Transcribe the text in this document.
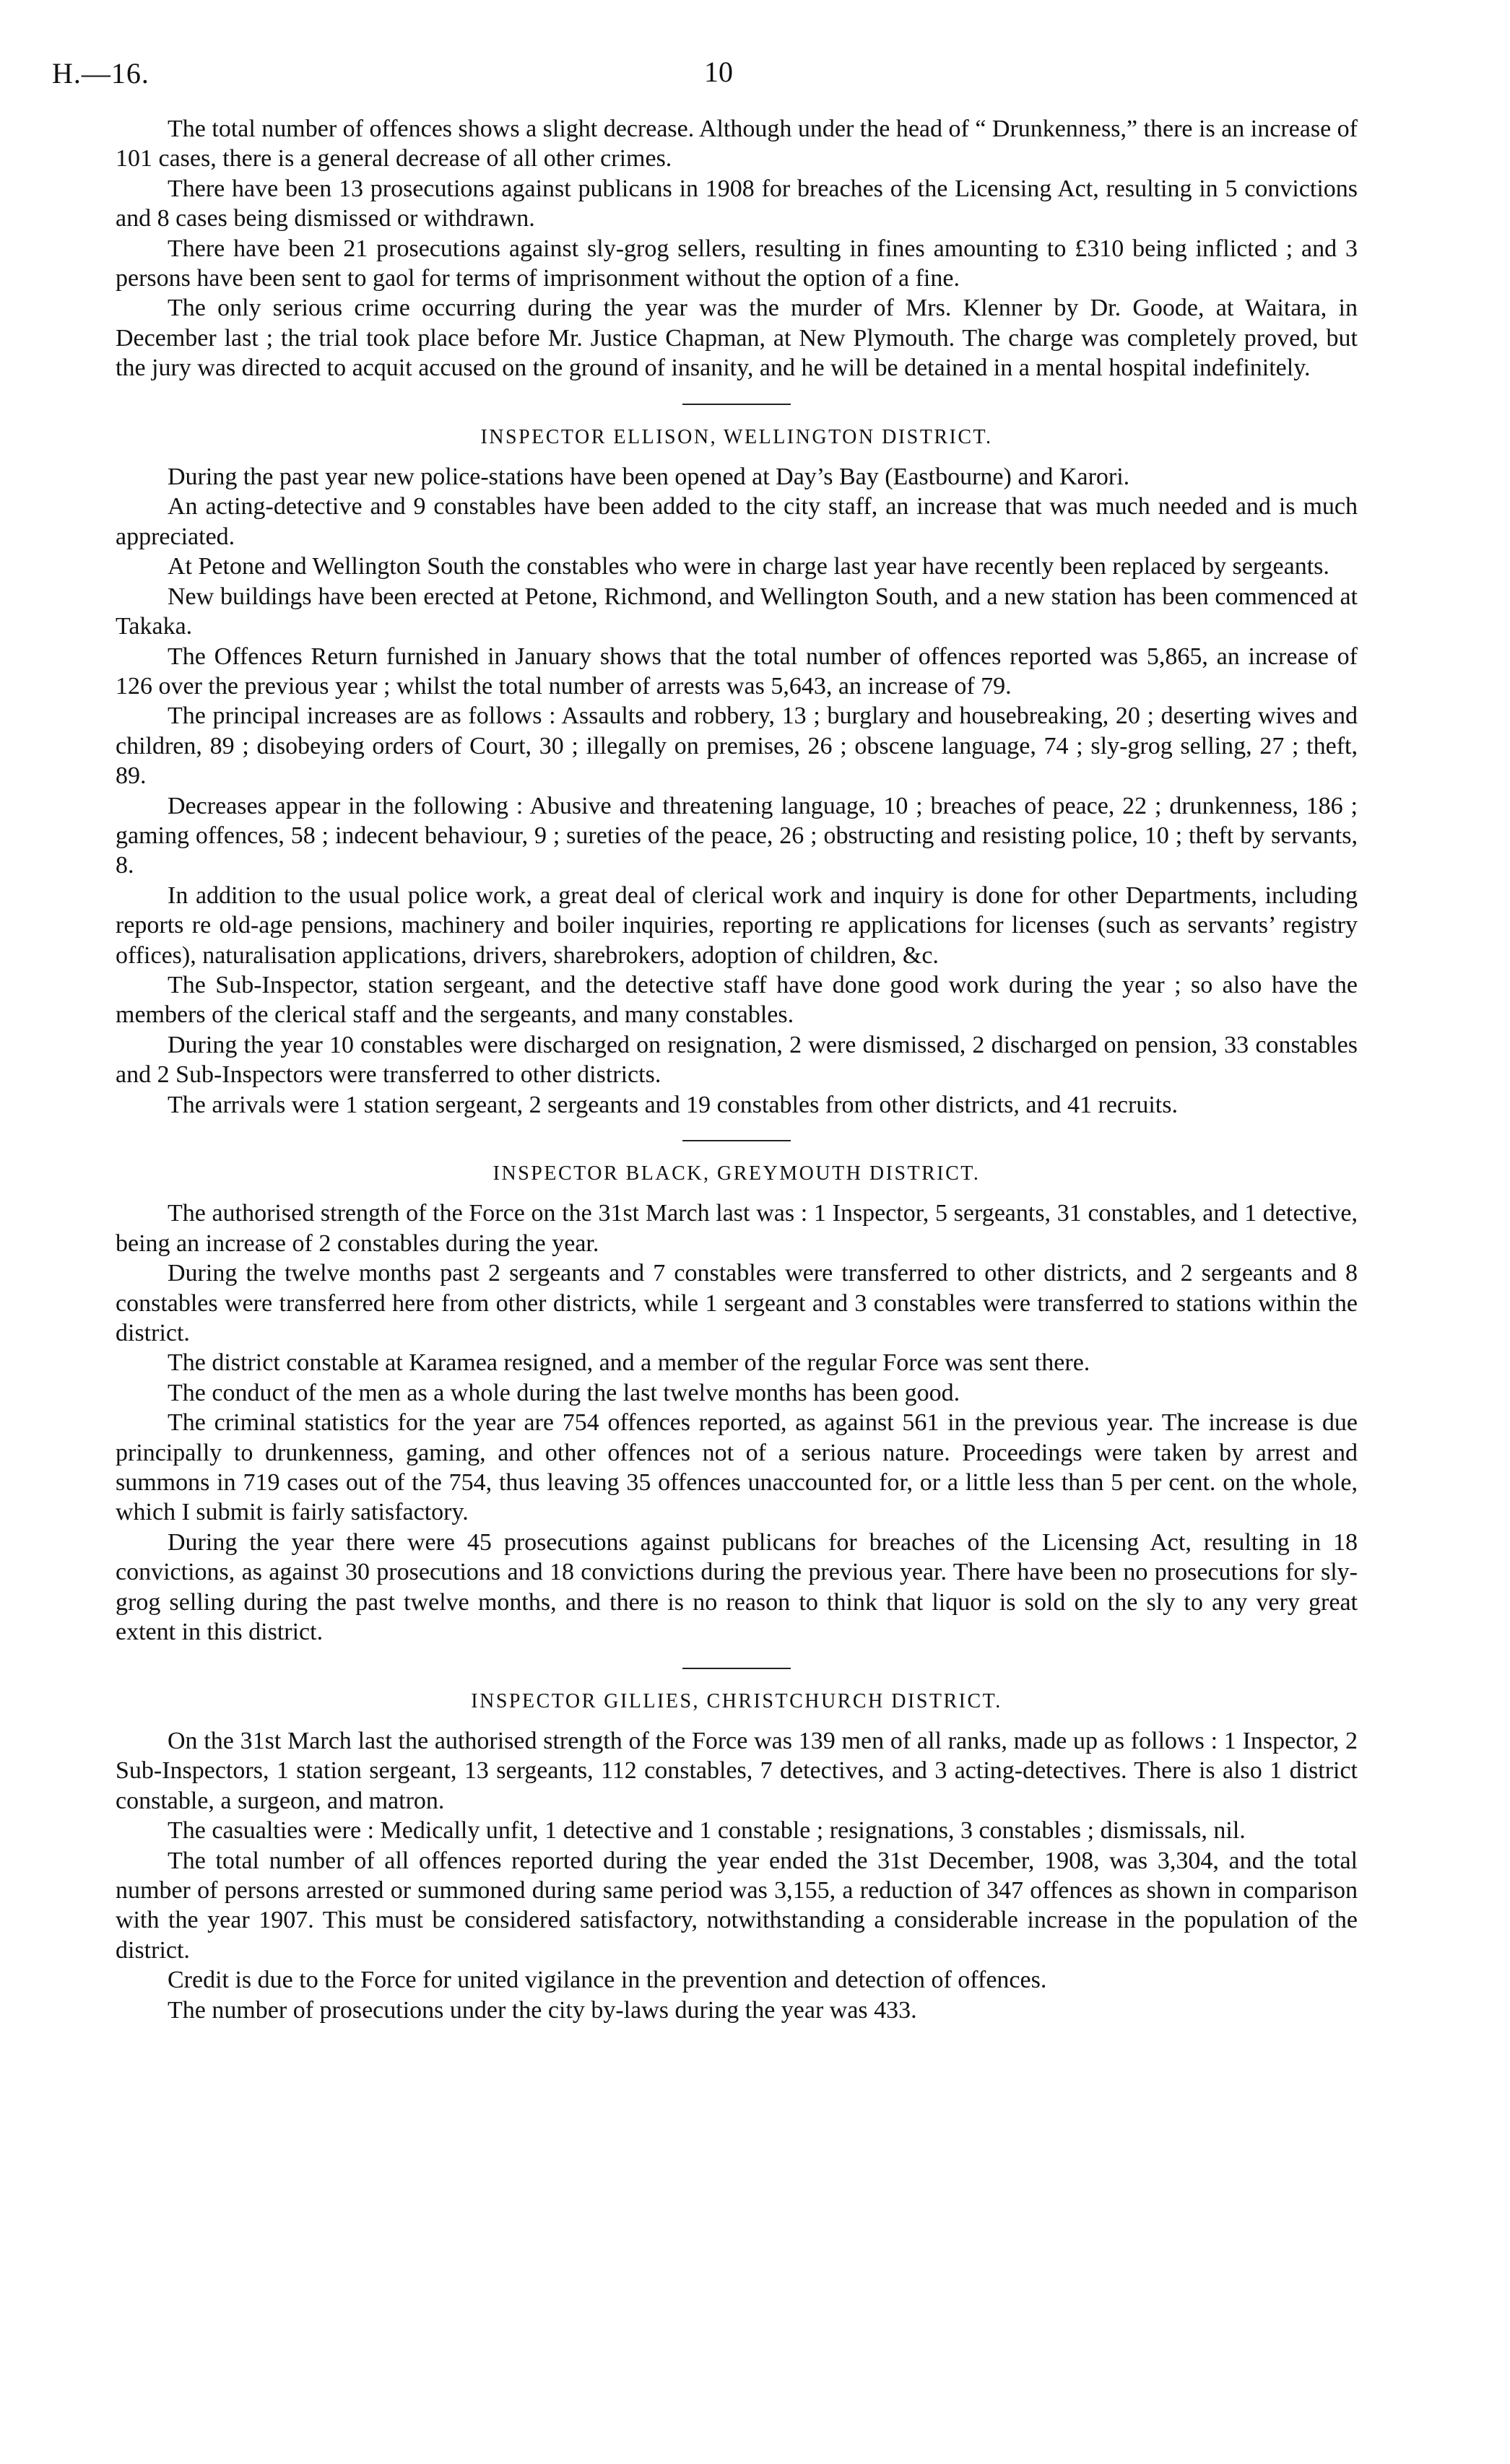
H.—16.	10

The total number of offences shows a slight decrease. Although under the head of “ Drunkenness,” there is an increase of 101 cases, there is a general decrease of all other crimes.

There have been 13 prosecutions against publicans in 1908 for breaches of the Licensing Act, resulting in 5 convictions and 8 cases being dismissed or withdrawn.

There have been 21 prosecutions against sly-grog sellers, resulting in fines amounting to £310 being inflicted ; and 3 persons have been sent to gaol for terms of imprisonment without the option of a fine.

The only serious crime occurring during the year was the murder of Mrs. Klenner by Dr. Goode, at Waitara, in December last ; the trial took place before Mr. Justice Chapman, at New Plymouth. The charge was completely proved, but the jury was directed to acquit accused on the ground of insanity, and he will be detained in a mental hospital indefinitely.

INSPECTOR ELLISON, WELLINGTON DISTRICT.

During the past year new police-stations have been opened at Day’s Bay (Eastbourne) and Karori.

An acting-detective and 9 constables have been added to the city staff, an increase that was much needed and is much appreciated.

At Petone and Wellington South the constables who were in charge last year have recently been replaced by sergeants.

New buildings have been erected at Petone, Richmond, and Wellington South, and a new station has been commenced at Takaka.

The Offences Return furnished in January shows that the total number of offences reported was 5,865, an increase of 126 over the previous year ; whilst the total number of arrests was 5,643, an increase of 79.

The principal increases are as follows : Assaults and robbery, 13 ; burglary and housebreaking, 20 ; deserting wives and children, 89 ; disobeying orders of Court, 30 ; illegally on premises, 26 ; obscene language, 74 ; sly-grog selling, 27 ; theft, 89.

Decreases appear in the following : Abusive and threatening language, 10 ; breaches of peace, 22 ; drunkenness, 186 ; gaming offences, 58 ; indecent behaviour, 9 ; sureties of the peace, 26 ; obstructing and resisting police, 10 ; theft by servants, 8.

In addition to the usual police work, a great deal of clerical work and inquiry is done for other Departments, including reports re old-age pensions, machinery and boiler inquiries, reporting re applications for licenses (such as servants’ registry offices), naturalisation applications, drivers, sharebrokers, adoption of children, &c.

The Sub-Inspector, station sergeant, and the detective staff have done good work during the year ; so also have the members of the clerical staff and the sergeants, and many constables.

During the year 10 constables were discharged on resignation, 2 were dismissed, 2 discharged on pension, 33 constables and 2 Sub-Inspectors were transferred to other districts.

The arrivals were 1 station sergeant, 2 sergeants and 19 constables from other districts, and 41 recruits.

INSPECTOR BLACK, GREYMOUTH DISTRICT.

The authorised strength of the Force on the 31st March last was : 1 Inspector, 5 sergeants, 31 constables, and 1 detective, being an increase of 2 constables during the year.

During the twelve months past 2 sergeants and 7 constables were transferred to other districts, and 2 sergeants and 8 constables were transferred here from other districts, while 1 sergeant and 3 constables were transferred to stations within the district.

The district constable at Karamea resigned, and a member of the regular Force was sent there.

The conduct of the men as a whole during the last twelve months has been good.

The criminal statistics for the year are 754 offences reported, as against 561 in the previous year. The increase is due principally to drunkenness, gaming, and other offences not of a serious nature. Proceedings were taken by arrest and summons in 719 cases out of the 754, thus leaving 35 offences unaccounted for, or a little less than 5 per cent. on the whole, which I submit is fairly satisfactory.

During the year there were 45 prosecutions against publicans for breaches of the Licensing Act, resulting in 18 convictions, as against 30 prosecutions and 18 convictions during the previous year. There have been no prosecutions for sly-grog selling during the past twelve months, and there is no reason to think that liquor is sold on the sly to any very great extent in this district.

INSPECTOR GILLIES, CHRISTCHURCH DISTRICT.

On the 31st March last the authorised strength of the Force was 139 men of all ranks, made up as follows : 1 Inspector, 2 Sub-Inspectors, 1 station sergeant, 13 sergeants, 112 constables, 7 detectives, and 3 acting-detectives. There is also 1 district constable, a surgeon, and matron.

The casualties were : Medically unfit, 1 detective and 1 constable ; resignations, 3 constables ; dismissals, nil.

The total number of all offences reported during the year ended the 31st December, 1908, was 3,304, and the total number of persons arrested or summoned during same period was 3,155, a reduction of 347 offences as shown in comparison with the year 1907. This must be considered satisfactory, notwithstanding a considerable increase in the population of the district.

Credit is due to the Force for united vigilance in the prevention and detection of offences.

The number of prosecutions under the city by-laws during the year was 433.
